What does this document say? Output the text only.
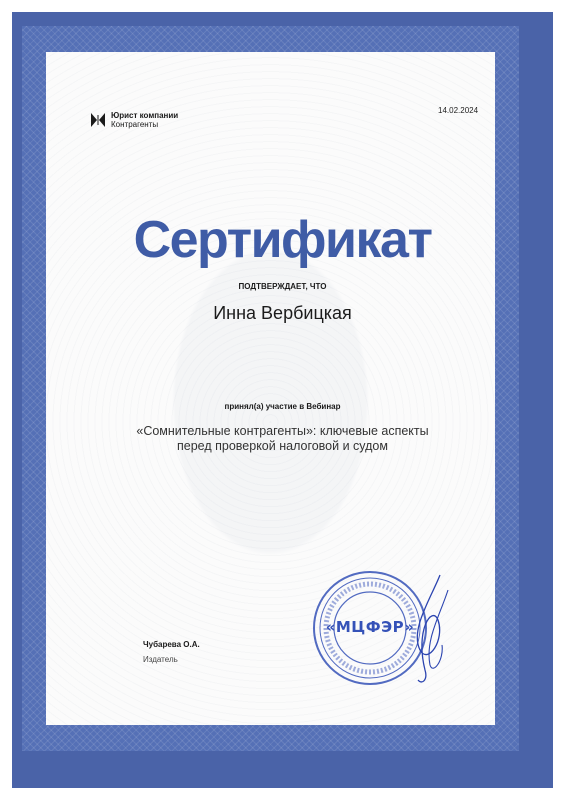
Юрист компании
Контрагенты
14.02.2024
Сертификат
ПОДТВЕРЖДАЕТ, ЧТО
Инна Вербицкая
принял(а) участие в Вебинар
«Сомнительные контрагенты»: ключевые аспекты
перед проверкой налоговой и судом
Чубарева О.А.
Издатель
«МЦФЭР»
